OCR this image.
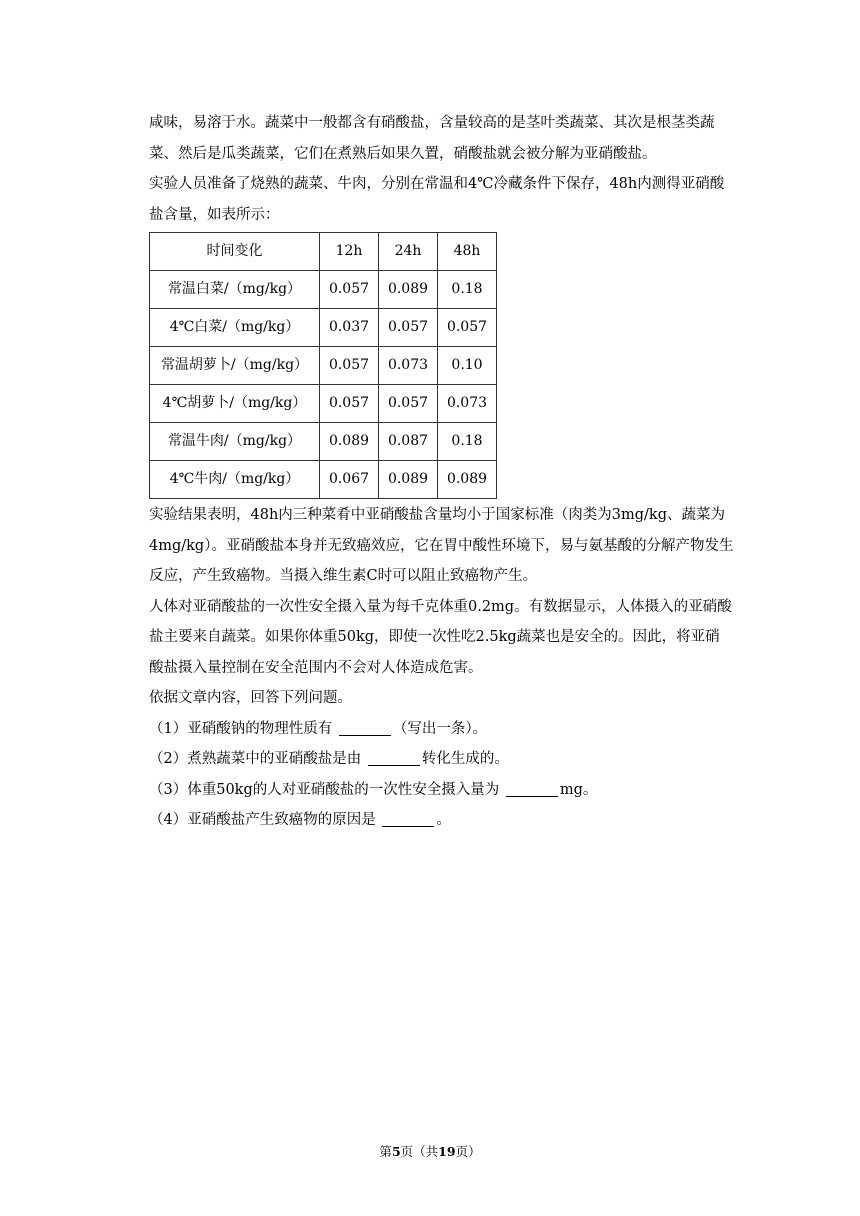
咸味，易溶于水。蔬菜中一般都含有硝酸盐，含量较高的是茎叶类蔬菜、其次是根茎类蔬菜、然后是瓜类蔬菜，它们在煮熟后如果久置，硝酸盐就会被分解为亚硝酸盐。

实验人员准备了烧熟的蔬菜、牛肉，分别在常温和4℃冷藏条件下保存，48h内测得亚硝酸盐含量，如表所示：

时间变化	12h	24h	48h
常温白菜/（mg/kg）	0.057	0.089	0.18
4℃白菜/（mg/kg）	0.037	0.057	0.057
常温胡萝卜/（mg/kg）	0.057	0.073	0.10
4℃胡萝卜/（mg/kg）	0.057	0.057	0.073
常温牛肉/（mg/kg）	0.089	0.087	0.18
4℃牛肉/（mg/kg）	0.067	0.089	0.089

实验结果表明，48h内三种菜肴中亚硝酸盐含量均小于国家标准（肉类为3mg/kg、蔬菜为4mg/kg）。亚硝酸盐本身并无致癌效应，它在胃中酸性环境下，易与氨基酸的分解产物发生反应，产生致癌物。当摄入维生素C时可以阻止致癌物产生。

人体对亚硝酸盐的一次性安全摄入量为每千克体重0.2mg。有数据显示，人体摄入的亚硝酸盐主要来自蔬菜。如果你体重50kg，即使一次性吃2.5kg蔬菜也是安全的。因此，将亚硝酸盐摄入量控制在安全范围内不会对人体造成危害。

依据文章内容，回答下列问题。

（1）亚硝酸钠的物理性质有	（写出一条）。

（2）煮熟蔬菜中的亚硝酸盐是由	转化生成的。

（3）体重50kg的人对亚硝酸盐的一次性安全摄入量为	mg。

（4）亚硝酸盐产生致癌物的原因是	。

第5页（共19页）
